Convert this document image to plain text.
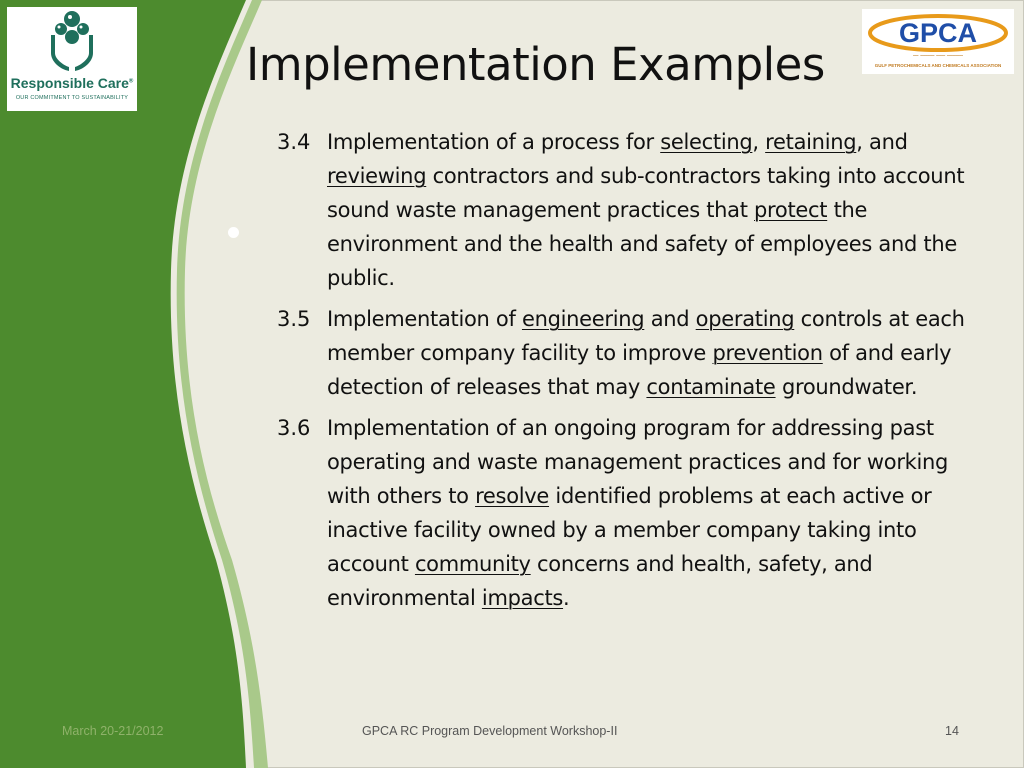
Responsible Care®
OUR COMMITMENT TO SUSTAINABILITY
GPCA
ـــــــــ ـــــ ــــــــ ـــ
GULF PETROCHEMICALS AND CHEMICALS ASSOCIATION
Implementation Examples
3.4 Implementation of a process for selecting, retaining, and reviewing contractors and sub-contractors taking into account sound waste management practices that protect the environment and the health and safety of employees and the public.
3.5 Implementation of engineering and operating controls at each member company facility to improve prevention of and early detection of releases that may contaminate groundwater.
3.6 Implementation of an ongoing program for addressing past operating and waste management practices and for working with others to resolve identified problems at each active or inactive facility owned by a member company taking into account community concerns and health, safety, and environmental impacts.
March 20-21/2012	GPCA RC Program Development Workshop-II	14
